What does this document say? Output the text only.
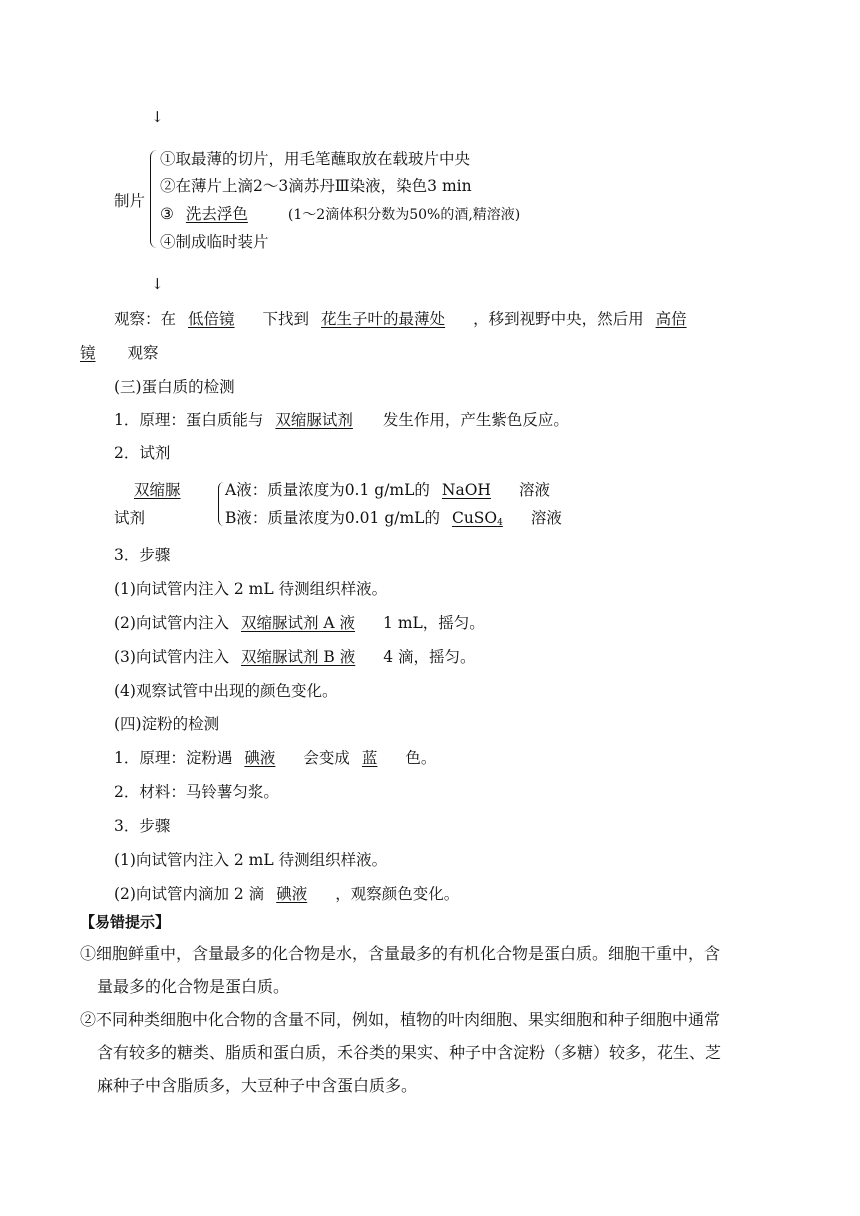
↓
制片
①取最薄的切片，用毛笔蘸取放在载玻片中央
②在薄片上滴2～3滴苏丹Ⅲ染液，染色3 min
③ 洗去浮色	(1～2滴体积分数为50%的酒,精溶液)
④制成临时装片
↓
观察：在 低倍镜 下找到 花生子叶的最薄处 ，移到视野中央，然后用 高倍
镜 观察
(三)蛋白质的检测
1．原理：蛋白质能与 双缩脲试剂 发生作用，产生紫色反应。
2．试剂
双缩脲
试剂
A液：质量浓度为0.1 g/mL的 NaOH 溶液
B液：质量浓度为0.01 g/mL的 CuSO$_4$ 溶液
3．步骤
(1)向试管内注入 2 mL 待测组织样液。
(2)向试管内注入 双缩脲试剂 A 液 1 mL，摇匀。
(3)向试管内注入 双缩脲试剂 B 液 4 滴，摇匀。
(4)观察试管中出现的颜色变化。
(四)淀粉的检测
1．原理：淀粉遇 碘液 会变成 蓝 色。
2．材料：马铃薯匀浆。
3．步骤
(1)向试管内注入 2 mL 待测组织样液。
(2)向试管内滴加 2 滴 碘液 ，观察颜色变化。
【易错提示】
①细胞鲜重中，含量最多的化合物是水，含量最多的有机化合物是蛋白质。细胞干重中，含
量最多的化合物是蛋白质。
②不同种类细胞中化合物的含量不同，例如，植物的叶肉细胞、果实细胞和种子细胞中通常
含有较多的糖类、脂质和蛋白质，禾谷类的果实、种子中含淀粉（多糖）较多，花生、芝
麻种子中含脂质多，大豆种子中含蛋白质多。
